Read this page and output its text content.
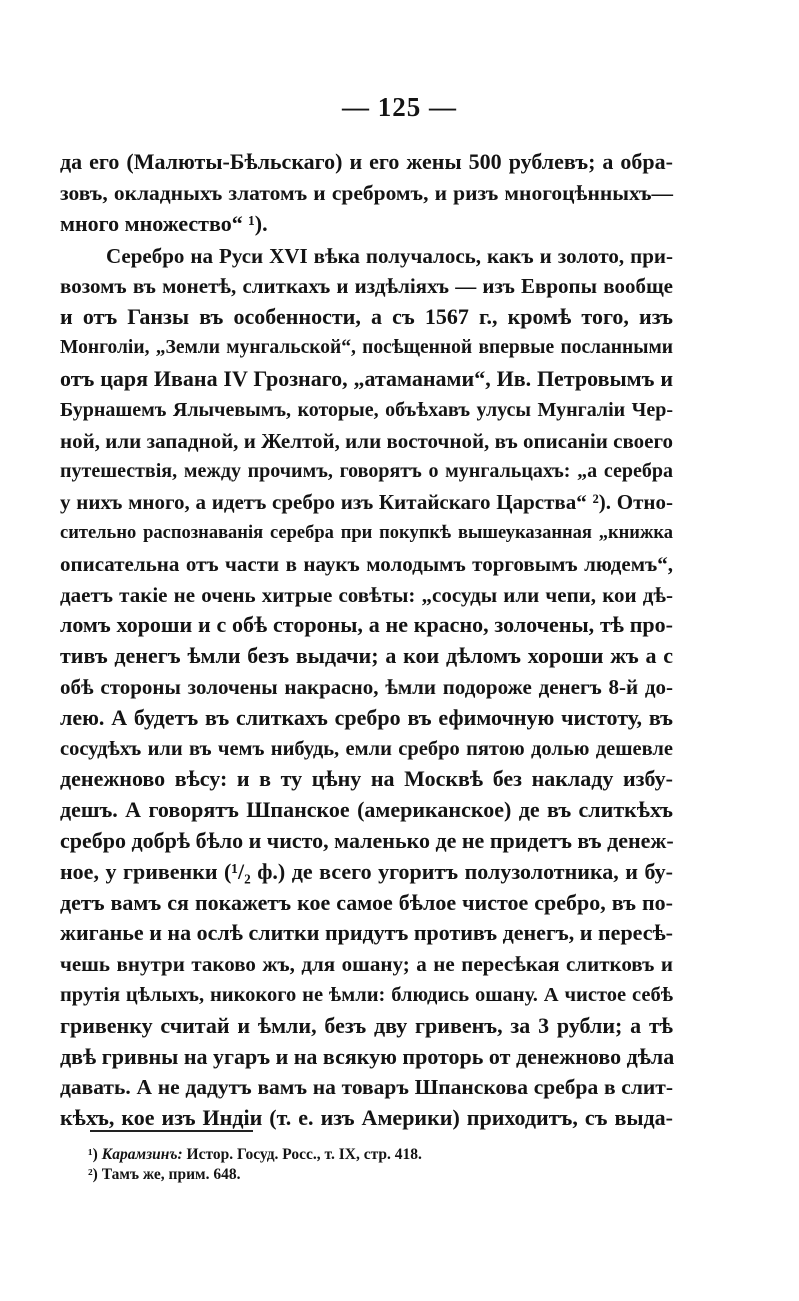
— 125 —
да его (Малюты-Бѣльскаго) и его жены 500 рублевъ; а обра-
зовъ, окладныхъ златомъ и сребромъ, и ризъ многоцѣнныхъ—
много множество“ ¹).
Серебро на Руси XVI вѣка получалось, какъ и золото, при-
возомъ въ монетѣ, слиткахъ и издѣліяхъ — изъ Европы вообще
и отъ Ганзы въ особенности, а съ 1567 г., кромѣ того, изъ
Монголіи, „Земли мунгальской“, посѣщенной впервые посланными
отъ царя Ивана IV Грознаго, „атаманами“, Ив. Петровымъ и
Бурнашемъ Ялычевымъ, которые, объѣхавъ улусы Мунгаліи Чер-
ной, или западной, и Желтой, или восточной, въ описаніи своего
путешествія, между прочимъ, говорятъ о мунгальцахъ: „а серебра
у нихъ много, а идетъ сребро изъ Китайскаго Царства“ ²). Отно-
сительно распознаванія серебра при покупкѣ вышеуказанная „книжка
описательна отъ части в наукъ молодымъ торговымъ людемъ“,
даетъ такіе не очень хитрые совѣты: „сосуды или чепи, кои дѣ-
ломъ хороши и с обѣ стороны, а не красно, золочены, тѣ про-
тивъ денегъ ѣмли безъ выдачи; а кои дѣломъ хороши жъ а с
обѣ стороны золочены накрасно, ѣмли подороже денегъ 8-й до-
лею. А будетъ въ слиткахъ сребро въ ефимочную чистоту, въ
сосудѣхъ или въ чемъ нибудь, емли сребро пятою долью дешевле
денежново вѣсу: и в ту цѣну на Москвѣ без накладу избу-
дешъ. А говорятъ Шпанское (американское) де въ слиткѣхъ
сребро добрѣ бѣло и чисто, маленько де не придетъ въ денеж-
ное, у гривенки (¹/₂ ф.) де всего угоритъ полузолотника, и бу-
детъ вамъ ся покажетъ кое самое бѣлое чистое сребро, въ по-
жиганье и на ослѣ слитки придутъ противъ денегъ, и пересѣ-
чешь внутри таково жъ, для ошану; а не пересѣкая слитковъ и
прутія цѣлыхъ, никокого не ѣмли: блюдись ошану. А чистое себѣ
гривенку считай и ѣмли, безъ дву гривенъ, за 3 рубли; а тѣ
двѣ гривны на угаръ и на всякую проторь от денежново дѣла
давать. А не дадутъ вамъ на товаръ Шпанскова сребра в слит-
кѣхъ, кое изъ Индіи (т. е. изъ Америки) приходитъ, съ выда-
¹) Карамзинъ: Истор. Госуд. Росс., т. IX, стр. 418.
²) Тамъ же, прим. 648.
